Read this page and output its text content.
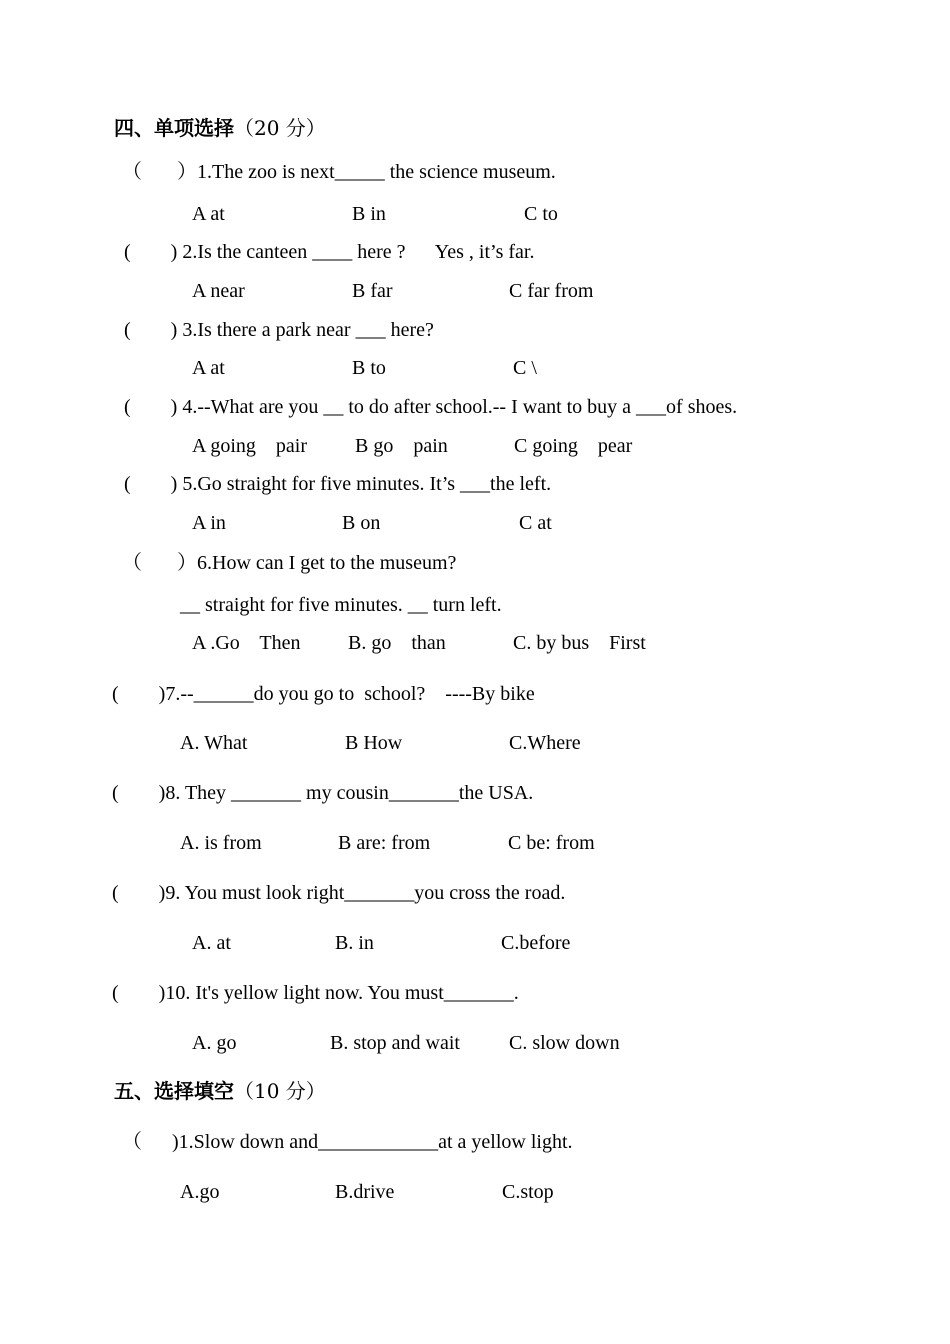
四、单项选择（20 分）
（       ）1.The zoo is next_____ the science museum.
A at	B in	C to
(        ) 2.Is the canteen ____ here ?      Yes , it’s far.
A near	B far	C far from
(        ) 3.Is there a park near ___ here?
A at	B to	C \
(        ) 4.--What are you __ to do after school.-- I want to buy a ___of shoes.
A going    pair B go    pain	C going    pear
(        ) 5.Go straight for five minutes. It’s ___the left.
A in	B on	C at
（       ）6.How can I get to the museum?
__ straight for five minutes. __ turn left.
A .Go    Then B. go    than	C. by bus    First
(        )7.--______do you go to  school?    ----By bike
A. What	B How	C.Where
(        )8. They _______ my cousin_______the USA.
A. is from	B are: from	C be: from
(        )9. You must look right_______you cross the road.
A. at	B. in	C.before
(        )10. It's yellow light now. You must_______.
A. go	B. stop and wait C. slow down
五、选择填空（10 分）
（      )1.Slow down and____________at a yellow light.
A.go	B.drive	C.stop
